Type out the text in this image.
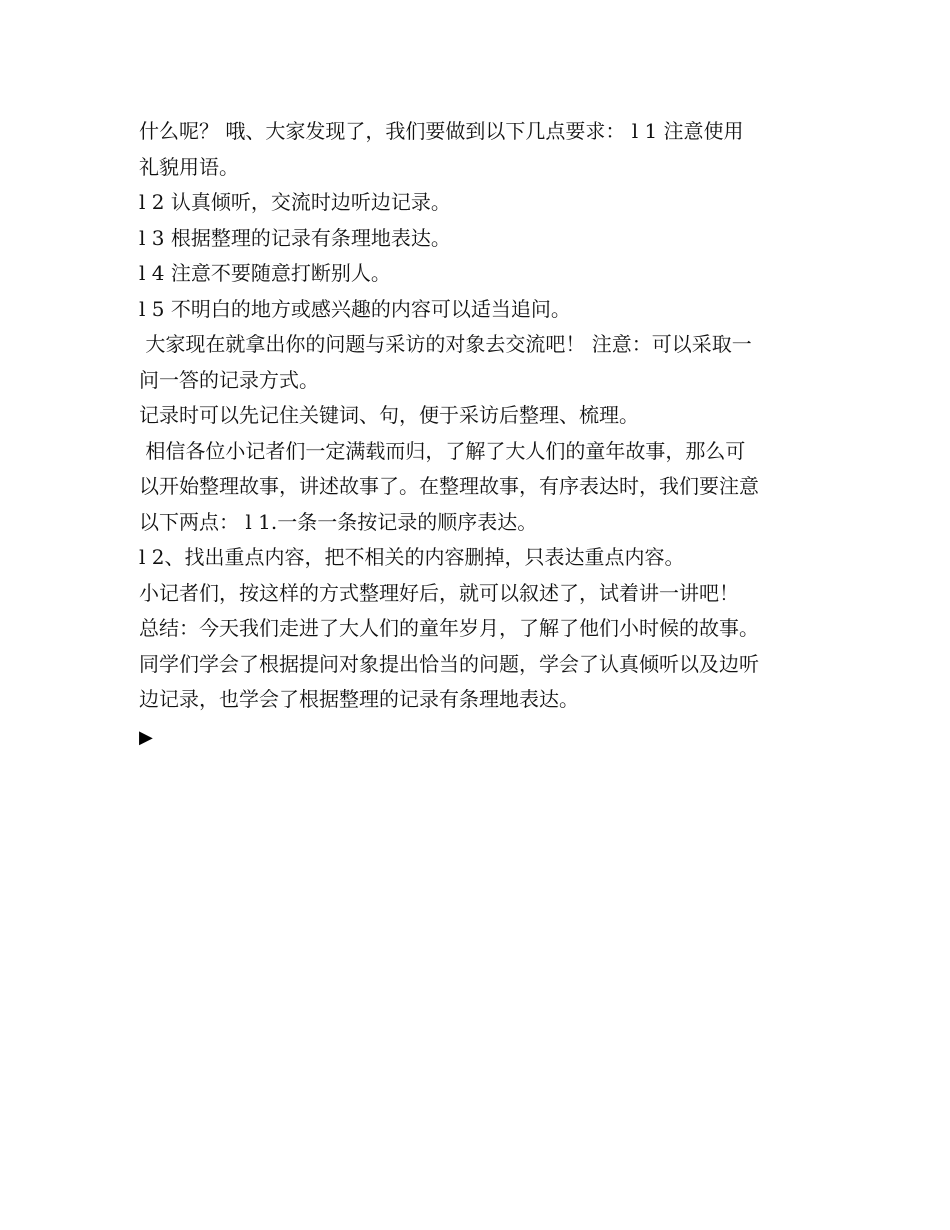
什么呢？ 哦、大家发现了，我们要做到以下几点要求： l 1 注意使用
礼貌用语。
l 2 认真倾听，交流时边听边记录。
l 3 根据整理的记录有条理地表达。
l 4 注意不要随意打断别人。
l 5 不明白的地方或感兴趣的内容可以适当追问。
大家现在就拿出你的问题与采访的对象去交流吧！ 注意：可以采取一
问一答的记录方式。
记录时可以先记住关键词、句，便于采访后整理、梳理。
相信各位小记者们一定满载而归，了解了大人们的童年故事，那么可
以开始整理故事，讲述故事了。在整理故事，有序表达时，我们要注意
以下两点： l 1.一条一条按记录的顺序表达。
l 2、找出重点内容，把不相关的内容删掉，只表达重点内容。
小记者们，按这样的方式整理好后，就可以叙述了，试着讲一讲吧！
总结：今天我们走进了大人们的童年岁月，了解了他们小时候的故事。
同学们学会了根据提问对象提出恰当的问题，学会了认真倾听以及边听
边记录，也学会了根据整理的记录有条理地表达。
▶
